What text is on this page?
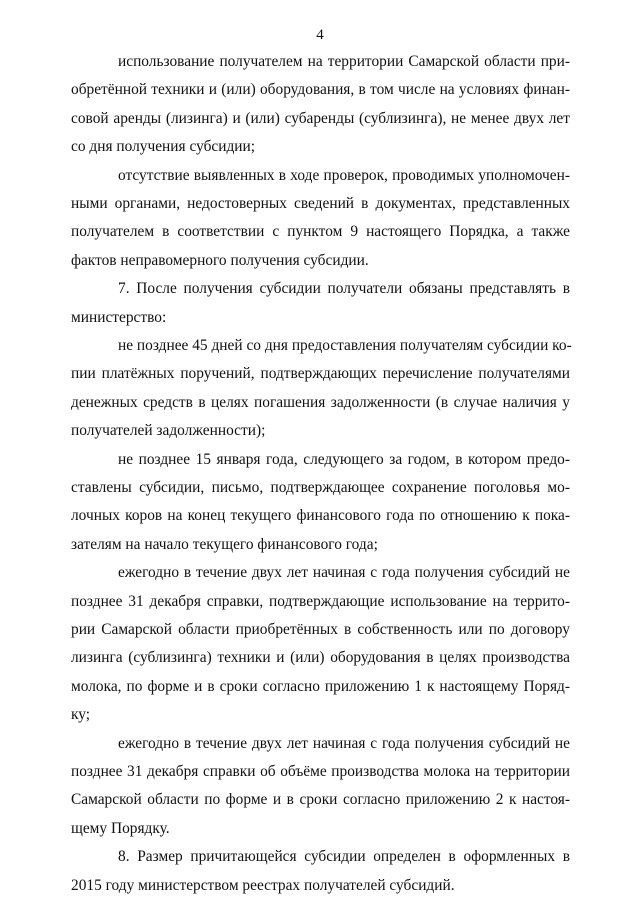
4
использование получателем на территории Самарской области при-
обретённой техники и (или) оборудования, в том числе на условиях финан-
совой аренды (лизинга) и (или) субаренды (сублизинга), не менее двух лет
со дня получения субсидии;
отсутствие выявленных в ходе проверок, проводимых уполномочен-
ными органами, недостоверных сведений в документах, представленных
получателем в соответствии с пунктом 9 настоящего Порядка, а также
фактов неправомерного получения субсидии.
7. После получения субсидии получатели обязаны представлять в
министерство:
не позднее 45 дней со дня предоставления получателям субсидии ко-
пии платёжных поручений, подтверждающих перечисление получателями
денежных средств в целях погашения задолженности (в случае наличия у
получателей задолженности);
не позднее 15 января года, следующего за годом, в котором предо-
ставлены субсидии, письмо, подтверждающее сохранение поголовья мо-
лочных коров на конец текущего финансового года по отношению к пока-
зателям на начало текущего финансового года;
ежегодно в течение двух лет начиная с года получения субсидий не
позднее 31 декабря справки, подтверждающие использование на террито-
рии Самарской области приобретённых в собственность или по договору
лизинга (сублизинга) техники и (или) оборудования в целях производства
молока, по форме и в сроки согласно приложению 1 к настоящему Поряд-
ку;
ежегодно в течение двух лет начиная с года получения субсидий не
позднее 31 декабря справки об объёме производства молока на территории
Самарской области по форме и в сроки согласно приложению 2 к настоя-
щему Порядку.
8. Размер причитающейся субсидии определен в оформленных в
2015 году министерством реестрах получателей субсидий.
